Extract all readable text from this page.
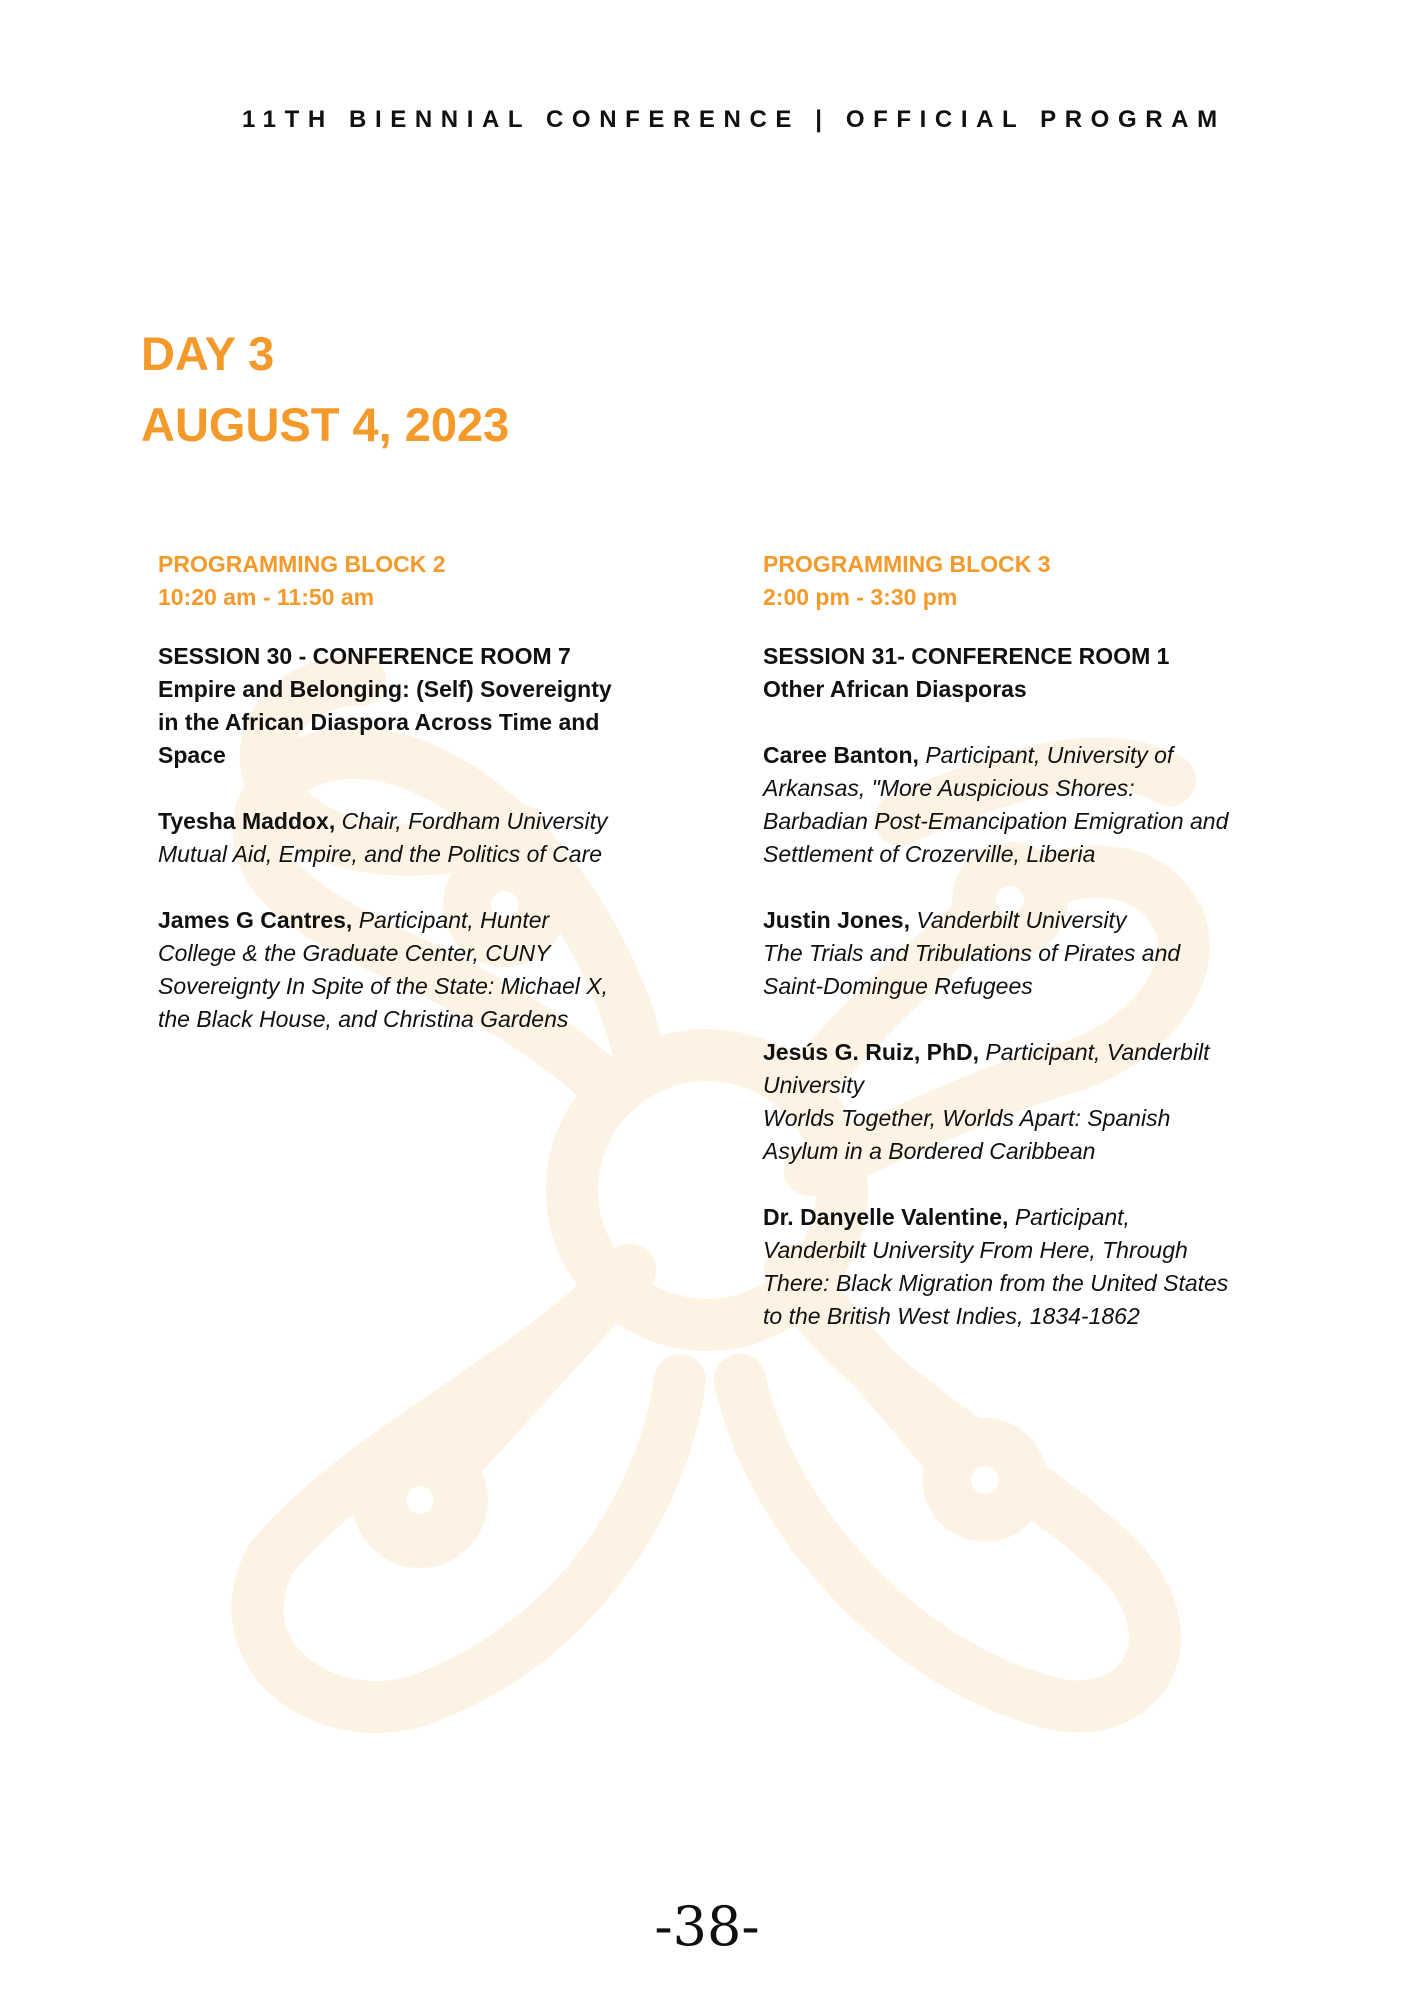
11TH BIENNIAL CONFERENCE | OFFICIAL PROGRAM
DAY 3
AUGUST 4, 2023
PROGRAMMING BLOCK 2
10:20 am - 11:50 am
SESSION 30 - CONFERENCE ROOM 7
Empire and Belonging: (Self) Sovereignty in the African Diaspora Across Time and Space
Tyesha Maddox, Chair, Fordham University
Mutual Aid, Empire, and the Politics of Care
James G Cantres, Participant, Hunter College & the Graduate Center, CUNY
Sovereignty In Spite of the State: Michael X, the Black House, and Christina Gardens
PROGRAMMING BLOCK 3
2:00 pm - 3:30 pm
SESSION 31- CONFERENCE ROOM 1
Other African Diasporas
Caree Banton, Participant, University of Arkansas, "More Auspicious Shores: Barbadian Post-Emancipation Emigration and Settlement of Crozerville, Liberia
Justin Jones, Vanderbilt University
The Trials and Tribulations of Pirates and Saint-Domingue Refugees
Jesús G. Ruiz, PhD, Participant, Vanderbilt University
Worlds Together, Worlds Apart: Spanish Asylum in a Bordered Caribbean
Dr. Danyelle Valentine, Participant, Vanderbilt University From Here, Through There: Black Migration from the United States to the British West Indies, 1834-1862
-38-
